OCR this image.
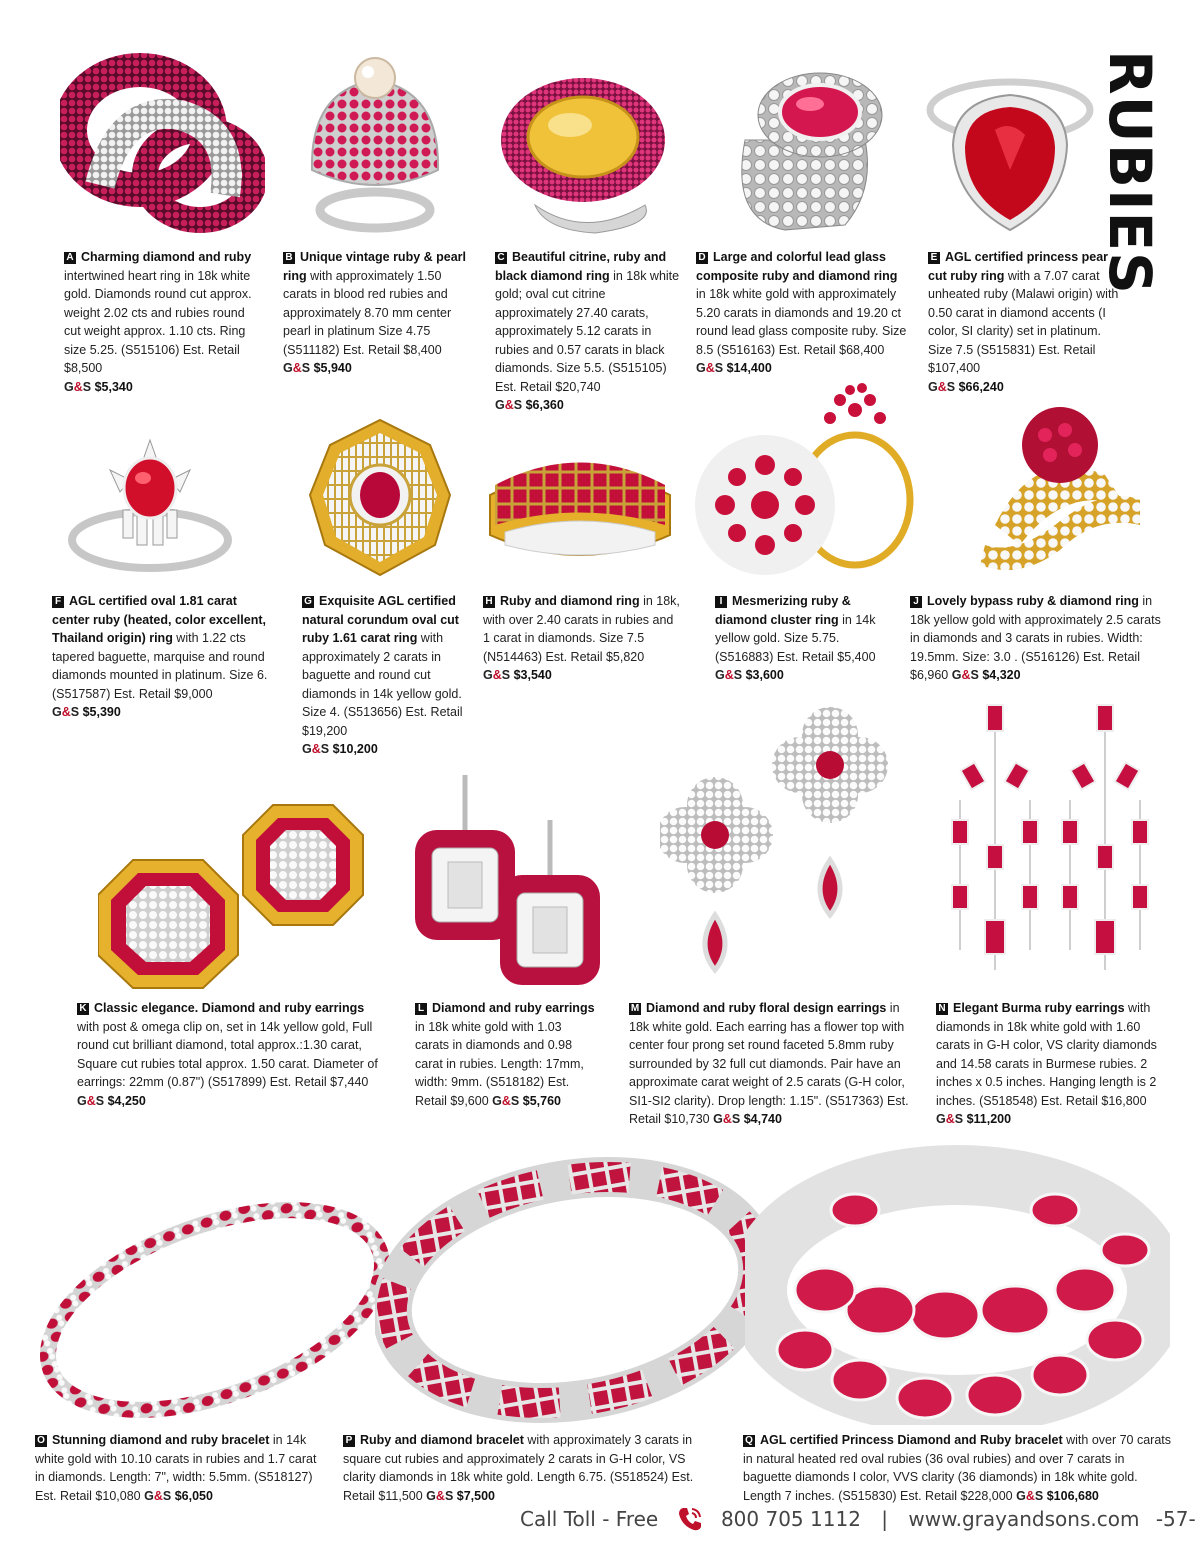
RUBIES
A Charming diamond and ruby intertwined heart ring in 18k white gold. Diamonds round cut approx. weight 2.02 cts and rubies round cut weight approx. 1.10 cts. Ring size 5.25. (S515106) Est. Retail $8,500
G&S $5,340
B Unique vintage ruby & pearl ring with approximately 1.50 carats in blood red rubies and approximately 8.70 mm center pearl in platinum Size 4.75 (S511182) Est. Retail $8,400
G&S $5,940
C Beautiful citrine, ruby and black diamond ring in 18k white gold; oval cut citrine approximately 27.40 carats, approximately 5.12 carats in rubies and 0.57 carats in black diamonds. Size 5.5. (S515105) Est. Retail $20,740
G&S $6,360
D Large and colorful lead glass composite ruby and diamond ring in 18k white gold with approximately 5.20 carats in diamonds and 19.20 ct round lead glass composite ruby. Size 8.5 (S516163) Est. Retail $68,400
G&S $14,400
E AGL certified princess pear cut ruby ring with a 7.07 carat unheated ruby (Malawi origin) with 0.50 carat in diamond accents (I color, SI clarity) set in platinum. Size 7.5 (S515831) Est. Retail $107,400
G&S $66,240
F AGL certified oval 1.81 carat center ruby (heated, color excellent, Thailand origin) ring with 1.22 cts tapered baguette, marquise and round diamonds mounted in platinum. Size 6. (S517587) Est. Retail $9,000
G&S $5,390
G Exquisite AGL certified natural corundum oval cut ruby 1.61 carat ring with approximately 2 carats in baguette and round cut diamonds in 14k yellow gold. Size 4. (S513656) Est. Retail $19,200
G&S $10,200
H Ruby and diamond ring in 18k, with over 2.40 carats in rubies and 1 carat in diamonds. Size 7.5 (N514463) Est. Retail $5,820
G&S $3,540
I Mesmerizing ruby & diamond cluster ring in 14k yellow gold. Size 5.75. (S516883) Est. Retail $5,400
G&S $3,600
J Lovely bypass ruby & diamond ring in 18k yellow gold with approximately 2.5 carats in diamonds and 3 carats in rubies. Width: 19.5mm. Size: 3.0 . (S516126) Est. Retail $6,960 G&S $4,320
K Classic elegance. Diamond and ruby earrings with post & omega clip on, set in 14k yellow gold, Full round cut brilliant diamond, total approx.:1.30 carat, Square cut rubies total approx. 1.50 carat. Diameter of earrings: 22mm (0.87") (S517899) Est. Retail $7,440 G&S $4,250
L Diamond and ruby earrings in 18k white gold with 1.03 carats in diamonds and 0.98 carat in rubies. Length: 17mm, width: 9mm. (S518182) Est. Retail $9,600 G&S $5,760
M Diamond and ruby floral design earrings in 18k white gold. Each earring has a flower top with center four prong set round faceted 5.8mm ruby surrounded by 32 full cut diamonds. Pair have an approximate carat weight of 2.5 carats (G-H color, SI1-SI2 clarity). Drop length: 1.15". (S517363) Est. Retail $10,730 G&S $4,740
N Elegant Burma ruby earrings with diamonds in 18k white gold with 1.60 carats in G-H color, VS clarity diamonds and 14.58 carats in Burmese rubies. 2 inches x 0.5 inches. Hanging length is 2 inches. (S518548) Est. Retail $16,800
G&S $11,200
O Stunning diamond and ruby bracelet in 14k white gold with 10.10 carats in rubies and 1.7 carat in diamonds. Length: 7", width: 5.5mm. (S518127) Est. Retail $10,080 G&S $6,050
P Ruby and diamond bracelet with approximately 3 carats in square cut rubies and approximately 2 carats in G-H color, VS clarity diamonds in 18k white gold. Length 6.75. (S518524) Est. Retail $11,500 G&S $7,500
Q AGL certified Princess Diamond and Ruby bracelet with over 70 carats in natural heated red oval rubies (36 oval rubies) and over 7 carats in baguette diamonds I color, VVS clarity (36 diamonds) in 18k white gold. Length 7 inches. (S515830) Est. Retail $228,000 G&S $106,680
Call Toll - Free	800 705 1112 | www.grayandsons.com -57-
